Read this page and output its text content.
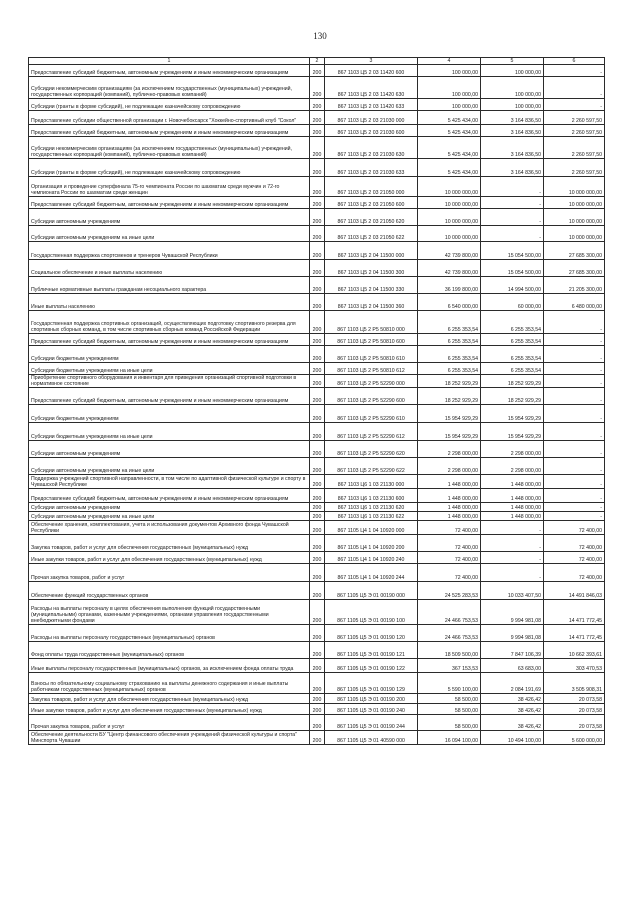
130
1	2	3	4	5	6
Предоставление субсидий бюджетным, автономным учреждениям и иным некоммерческим организациям	200	867 1103 Ц5 2 03 11420 600	100 000,00	100 000,00	-
Субсидии некоммерческим организациям (за исключением государственных (муниципальных) учреждений, государственных корпораций (компаний), публично-правовых компаний)	200	867 1103 Ц5 2 03 11420 630	100 000,00	100 000,00	-
Субсидии (гранты в форме субсидий), не подлежащие казначейскому сопровождению	200	867 1103 Ц5 2 03 11420 633	100 000,00	100 000,00	-
Предоставление субсидии общественной организации г. Новочебоксарск "Хоккейно-спортивный клуб "Сокол"	200	867 1103 Ц5 2 03 21030 000	5 425 434,00	3 164 836,50	2 260 597,50
Предоставление субсидий бюджетным, автономным учреждениям и иным некоммерческим организациям	200	867 1103 Ц5 2 03 21030 600	5 425 434,00	3 164 836,50	2 260 597,50
Субсидии некоммерческим организациям (за исключением государственных (муниципальных) учреждений, государственных корпораций (компаний), публично-правовых компаний)	200	867 1103 Ц5 2 03 21030 630	5 425 434,00	3 164 836,50	2 260 597,50
Субсидии (гранты в форме субсидий), не подлежащие казначейскому сопровождению	200	867 1103 Ц5 2 03 21030 633	5 425 434,00	3 164 836,50	2 260 597,50
Организация и проведение суперфинала 75-го чемпионата России по шахматам среди мужчин и 72-го чемпионата России по шахматам среди женщин	200	867 1103 Ц5 2 03 21050 000	10 000 000,00	-	10 000 000,00
Предоставление субсидий бюджетным, автономным учреждениям и иным некоммерческим организациям	200	867 1103 Ц5 2 03 21050 600	10 000 000,00	-	10 000 000,00
Субсидии автономным учреждениям	200	867 1103 Ц5 2 03 21050 620	10 000 000,00	-	10 000 000,00
Субсидии автономным учреждениям на иные цели	200	867 1103 Ц5 2 03 21050 622	10 000 000,00	-	10 000 000,00
Государственная поддержка спортсменов и тренеров Чувашской Республики	200	867 1103 Ц5 2 04 11500 000	42 739 800,00	15 054 500,00	27 685 300,00
Социальное обеспечение и иные выплаты населению	200	867 1103 Ц5 2 04 11500 300	42 739 800,00	15 054 500,00	27 685 300,00
Публичные нормативные выплаты гражданам несоциального характера	200	867 1103 Ц5 2 04 11500 330	36 199 800,00	14 994 500,00	21 205 300,00
Иные выплаты населению	200	867 1103 Ц5 2 04 11500 360	6 540 000,00	60 000,00	6 480 000,00
Государственная поддержка спортивных организаций, осуществляющих подготовку спортивного резерва для спортивных сборных команд, в том числе спортивных сборных команд Российской Федерации	200	867 1103 Ц5 2 Р5 50810 000	6 255 353,54	6 255 353,54	-
Предоставление субсидий бюджетным, автономным учреждениям и иным некоммерческим организациям	200	867 1103 Ц5 2 Р5 50810 600	6 255 353,54	6 255 353,54	-
Субсидии бюджетным учреждениям	200	867 1103 Ц5 2 Р5 50810 610	6 255 353,54	6 255 353,54	-
Субсидии бюджетным учреждениям на иные цели	200	867 1103 Ц5 2 Р5 50810 612	6 255 353,54	6 255 353,54	-
Приобретение спортивного оборудования и инвентаря для приведения организаций спортивной подготовки в нормативное состояние	200	867 1103 Ц5 2 Р5 52290 000	18 252 929,29	18 252 929,29	-
Предоставление субсидий бюджетным, автономным учреждениям и иным некоммерческим организациям	200	867 1103 Ц5 2 Р5 52290 600	18 252 929,29	18 252 929,29	-
Субсидии бюджетным учреждениям	200	867 1103 Ц5 2 Р5 52290 610	15 954 929,29	15 954 929,29	-
Субсидии бюджетным учреждениям на иные цели	200	867 1103 Ц5 2 Р5 52290 612	15 954 929,29	15 954 929,29	-
Субсидии автономным учреждениям	200	867 1103 Ц5 2 Р5 52290 620	2 298 000,00	2 298 000,00	-
Субсидии автономным учреждениям на иные цели	200	867 1103 Ц5 2 Р5 52290 622	2 298 000,00	2 298 000,00	-
Поддержка учреждений спортивной направленности, в том числе по адаптивной физической культуре и спорту в Чувашской Республике	200	867 1103 Ц6 1 03 21130 000	1 448 000,00	1 448 000,00	-
Предоставление субсидий бюджетным, автономным учреждениям и иным некоммерческим организациям	200	867 1103 Ц6 1 03 21130 600	1 448 000,00	1 448 000,00	-
Субсидии автономным учреждениям	200	867 1103 Ц6 1 03 21130 620	1 448 000,00	1 448 000,00	-
Субсидии автономным учреждениям на иные цели	200	867 1103 Ц6 1 03 21130 622	1 448 000,00	1 448 000,00	-
Обеспечение хранения, комплектования, учета и использования документов Архивного фонда Чувашской Республики	200	867 1105 Ц4 1 04 10920 000	72 400,00	-	72 400,00
Закупка товаров, работ и услуг для обеспечения государственных (муниципальных) нужд	200	867 1105 Ц4 1 04 10920 200	72 400,00	-	72 400,00
Иные закупки товаров, работ и услуг для обеспечения государственных (муниципальных) нужд	200	867 1105 Ц4 1 04 10920 240	72 400,00	-	72 400,00
Прочая закупка товаров, работ и услуг	200	867 1105 Ц4 1 04 10920 244	72 400,00	-	72 400,00
Обеспечение функций государственных органов	200	867 1105 Ц5 Э 01 00190 000	24 525 283,53	10 033 407,50	14 491 846,03
Расходы на выплаты персоналу в целях обеспечения выполнения функций государственными (муниципальными) органами, казенными учреждениями, органами управления государственными внебюджетными фондами	200	867 1105 Ц5 Э 01 00190 100	24 466 753,53	9 994 981,08	14 471 772,45
Расходы на выплаты персоналу государственных (муниципальных) органов	200	867 1105 Ц5 Э 01 00190 120	24 466 753,53	9 994 981,08	14 471 772,45
Фонд оплаты труда государственных (муниципальных) органов	200	867 1105 Ц5 Э 01 00190 121	18 509 500,00	7 847 106,39	10 662 393,61
Иные выплаты персоналу государственных (муниципальных) органов, за исключением фонда оплаты труда	200	867 1105 Ц5 Э 01 00190 122	367 153,53	63 683,00	303 470,53
Взносы по обязательному социальному страхованию на выплаты денежного содержания и иные выплаты работникам государственных (муниципальных) органов	200	867 1105 Ц5 Э 01 00190 129	5 590 100,00	2 084 191,69	3 505 908,31
Закупка товаров, работ и услуг для обеспечения государственных (муниципальных) нужд	200	867 1105 Ц5 Э 01 00190 200	58 500,00	38 426,42	20 073,58
Иные закупки товаров, работ и услуг для обеспечения государственных (муниципальных) нужд	200	867 1105 Ц5 Э 01 00190 240	58 500,00	38 426,42	20 073,58
Прочая закупка товаров, работ и услуг	200	867 1105 Ц5 Э 01 00190 244	58 500,00	38 426,42	20 073,58
Обеспечение деятельности БУ "Центр финансового обеспечения учреждений физической культуры и спорта" Минспорта Чувашии	200	867 1105 Ц5 Э 01 40590 000	16 094 100,00	10 494 100,00	5 600 000,00
